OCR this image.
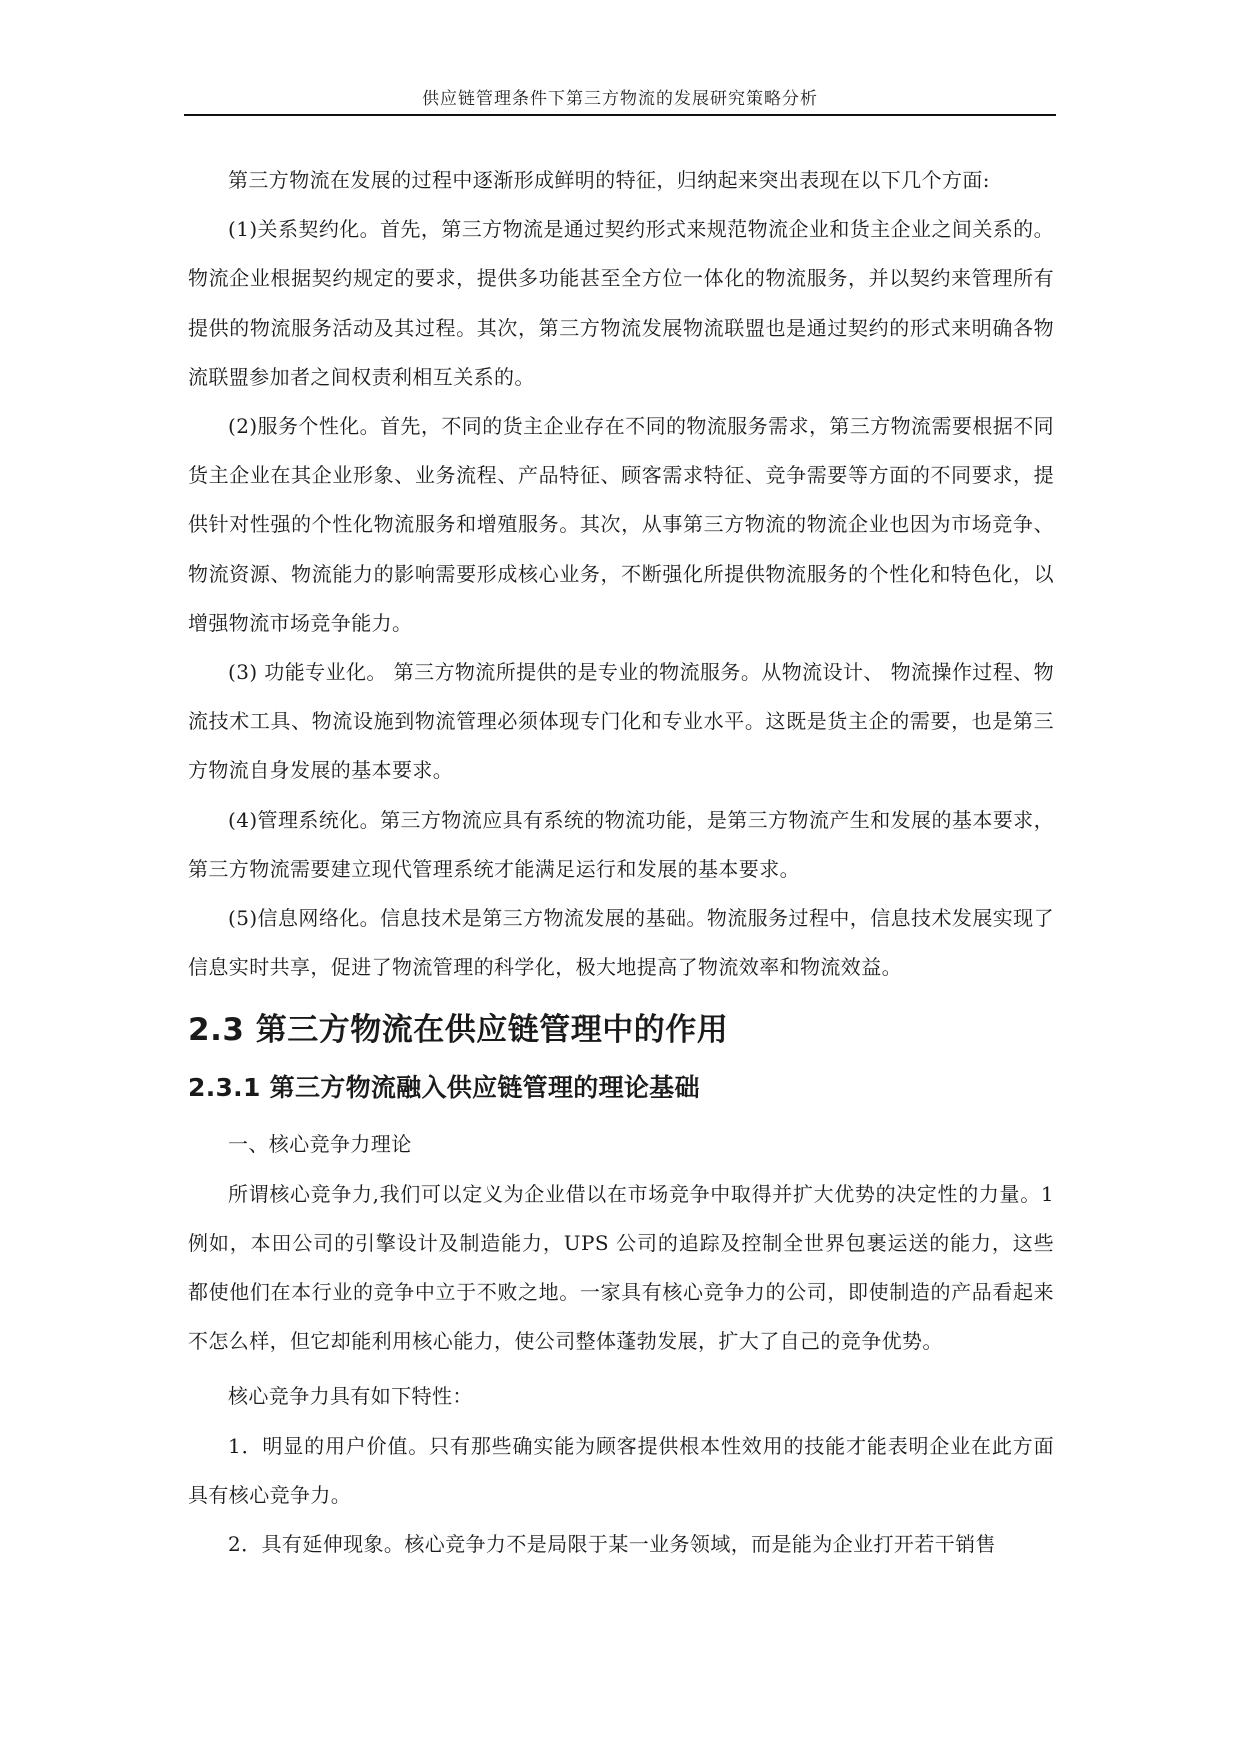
供应链管理条件下第三方物流的发展研究策略分析

第三方物流在发展的过程中逐渐形成鲜明的特征，归纳起来突出表现在以下几个方面:

(1)关系契约化。首先，第三方物流是通过契约形式来规范物流企业和货主企业之间关系的。物流企业根据契约规定的要求，提供多功能甚至全方位一体化的物流服务，并以契约来管理所有提供的物流服务活动及其过程。其次，第三方物流发展物流联盟也是通过契约的形式来明确各物流联盟参加者之间权责利相互关系的。

(2)服务个性化。首先，不同的货主企业存在不同的物流服务需求，第三方物流需要根据不同货主企业在其企业形象、业务流程、产品特征、顾客需求特征、竞争需要等方面的不同要求，提供针对性强的个性化物流服务和增殖服务。其次，从事第三方物流的物流企业也因为市场竞争、物流资源、物流能力的影响需要形成核心业务，不断强化所提供物流服务的个性化和特色化，以增强物流市场竞争能力。

(3) 功能专业化。 第三方物流所提供的是专业的物流服务。从物流设计、 物流操作过程、物流技术工具、物流设施到物流管理必须体现专门化和专业水平。这既是货主企的需要，也是第三方物流自身发展的基本要求。

(4)管理系统化。第三方物流应具有系统的物流功能，是第三方物流产生和发展的基本要求，第三方物流需要建立现代管理系统才能满足运行和发展的基本要求。

(5)信息网络化。信息技术是第三方物流发展的基础。物流服务过程中，信息技术发展实现了信息实时共享，促进了物流管理的科学化，极大地提高了物流效率和物流效益。

2.3 第三方物流在供应链管理中的作用
2.3.1 第三方物流融入供应链管理的理论基础

一、核心竞争力理论

所谓核心竞争力,我们可以定义为企业借以在市场竞争中取得并扩大优势的决定性的力量。1 例如，本田公司的引擎设计及制造能力，UPS 公司的追踪及控制全世界包裹运送的能力，这些都使他们在本行业的竞争中立于不败之地。一家具有核心竞争力的公司，即使制造的产品看起来不怎么样，但它却能利用核心能力，使公司整体蓬勃发展，扩大了自己的竞争优势。

核心竞争力具有如下特性：

1．明显的用户价值。只有那些确实能为顾客提供根本性效用的技能才能表明企业在此方面具有核心竞争力。

2．具有延伸现象。核心竞争力不是局限于某一业务领域，而是能为企业打开若干销售
